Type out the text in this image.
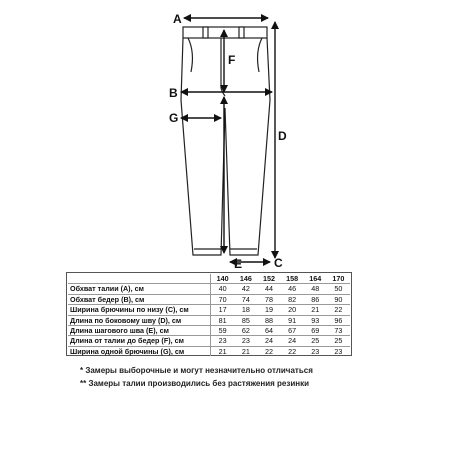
A
B
G
F
D
E	C
	140	146	152	158	164	170
Обхват талии (A), см	40	42	44	46	48	50
Обхват бедер (B), см	70	74	78	82	86	90
Ширина брючины по низу (C), см	17	18	19	20	21	22
Длина по боковому шву (D), см	81	85	88	91	93	96
Длина шагового шва (E), см	59	62	64	67	69	73
Длина от талии до бедер (F), см	23	23	24	24	25	25
Ширина одной брючины (G), см	21	21	22	22	23	23
* Замеры выборочные и могут незначительно отличаться
** Замеры талии производились без растяжения резинки
